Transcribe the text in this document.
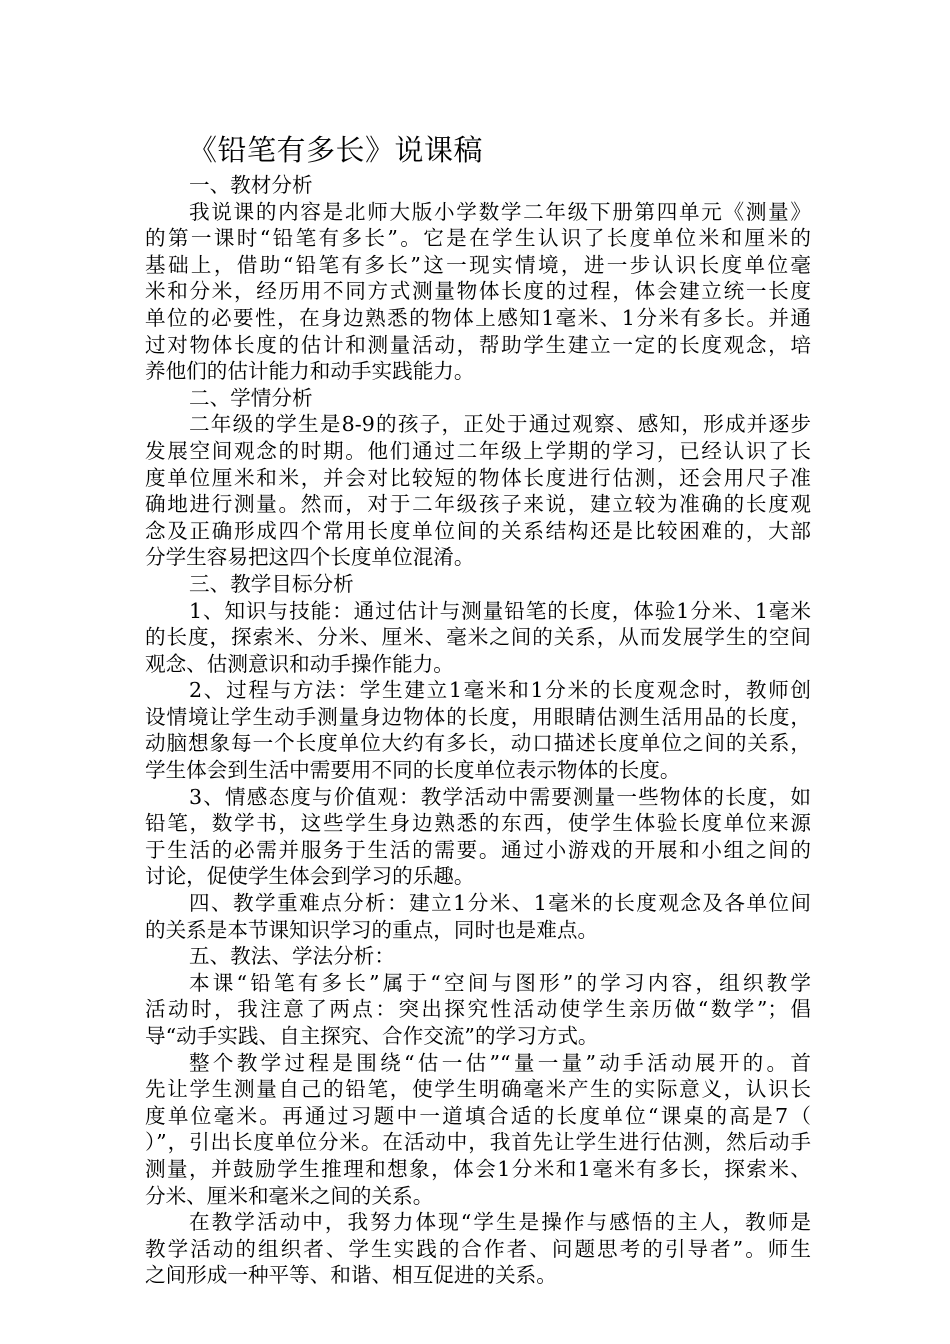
《铅笔有多长》说课稿
一、教材分析
我说课的内容是北师大版小学数学二年级下册第四单元《测量》
的第一课时“铅笔有多长”。它是在学生认识了长度单位米和厘米的
基础上，借助“铅笔有多长”这一现实情境，进一步认识长度单位毫
米和分米，经历用不同方式测量物体长度的过程，体会建立统一长度
单位的必要性，在身边熟悉的物体上感知1毫米、1分米有多长。并通
过对物体长度的估计和测量活动，帮助学生建立一定的长度观念，培
养他们的估计能力和动手实践能力。
二、学情分析
二年级的学生是8-9的孩子，正处于通过观察、感知，形成并逐步
发展空间观念的时期。他们通过二年级上学期的学习，已经认识了长
度单位厘米和米，并会对比较短的物体长度进行估测，还会用尺子准
确地进行测量。然而，对于二年级孩子来说，建立较为准确的长度观
念及正确形成四个常用长度单位间的关系结构还是比较困难的，大部
分学生容易把这四个长度单位混淆。
三、教学目标分析
1、知识与技能：通过估计与测量铅笔的长度，体验1分米、1毫米
的长度，探索米、分米、厘米、毫米之间的关系，从而发展学生的空间
观念、估测意识和动手操作能力。
2、过程与方法：学生建立1毫米和1分米的长度观念时，教师创
设情境让学生动手测量身边物体的长度，用眼睛估测生活用品的长度，
动脑想象每一个长度单位大约有多长，动口描述长度单位之间的关系，
学生体会到生活中需要用不同的长度单位表示物体的长度。
3、情感态度与价值观：教学活动中需要测量一些物体的长度，如
铅笔，数学书，这些学生身边熟悉的东西，使学生体验长度单位来源
于生活的必需并服务于生活的需要。通过小游戏的开展和小组之间的
讨论，促使学生体会到学习的乐趣。
四、教学重难点分析：建立1分米、1毫米的长度观念及各单位间
的关系是本节课知识学习的重点，同时也是难点。
五、教法、学法分析：
本课“铅笔有多长”属于“空间与图形”的学习内容，组织教学
活动时，我注意了两点：突出探究性活动使学生亲历做“数学”；倡
导“动手实践、自主探究、合作交流”的学习方式。
整个教学过程是围绕“估一估”“量一量”动手活动展开的。首
先让学生测量自己的铅笔，使学生明确毫米产生的实际意义，认识长
度单位毫米。再通过习题中一道填合适的长度单位“课桌的高是7（
）”，引出长度单位分米。在活动中，我首先让学生进行估测，然后动手
测量，并鼓励学生推理和想象，体会1分米和1毫米有多长，探索米、
分米、厘米和毫米之间的关系。
在教学活动中，我努力体现“学生是操作与感悟的主人，教师是
教学活动的组织者、学生实践的合作者、问题思考的引导者”。师生
之间形成一种平等、和谐、相互促进的关系。
